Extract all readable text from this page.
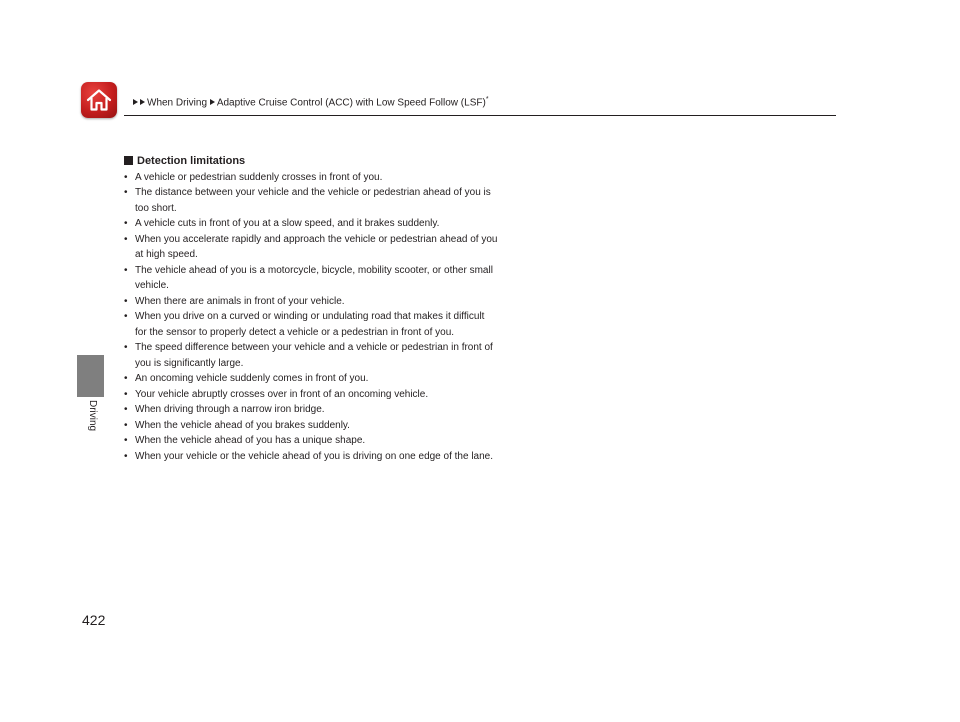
When Driving Adaptive Cruise Control (ACC) with Low Speed Follow (LSF)*
Driving
Detection limitations
• A vehicle or pedestrian suddenly crosses in front of you.
• The distance between your vehicle and the vehicle or pedestrian ahead of you is
too short.
• A vehicle cuts in front of you at a slow speed, and it brakes suddenly.
• When you accelerate rapidly and approach the vehicle or pedestrian ahead of you
at high speed.
• The vehicle ahead of you is a motorcycle, bicycle, mobility scooter, or other small
vehicle.
• When there are animals in front of your vehicle.
• When you drive on a curved or winding or undulating road that makes it difficult
for the sensor to properly detect a vehicle or a pedestrian in front of you.
• The speed difference between your vehicle and a vehicle or pedestrian in front of
you is significantly large.
• An oncoming vehicle suddenly comes in front of you.
• Your vehicle abruptly crosses over in front of an oncoming vehicle.
• When driving through a narrow iron bridge.
• When the vehicle ahead of you brakes suddenly.
• When the vehicle ahead of you has a unique shape.
• When your vehicle or the vehicle ahead of you is driving on one edge of the lane.
422
